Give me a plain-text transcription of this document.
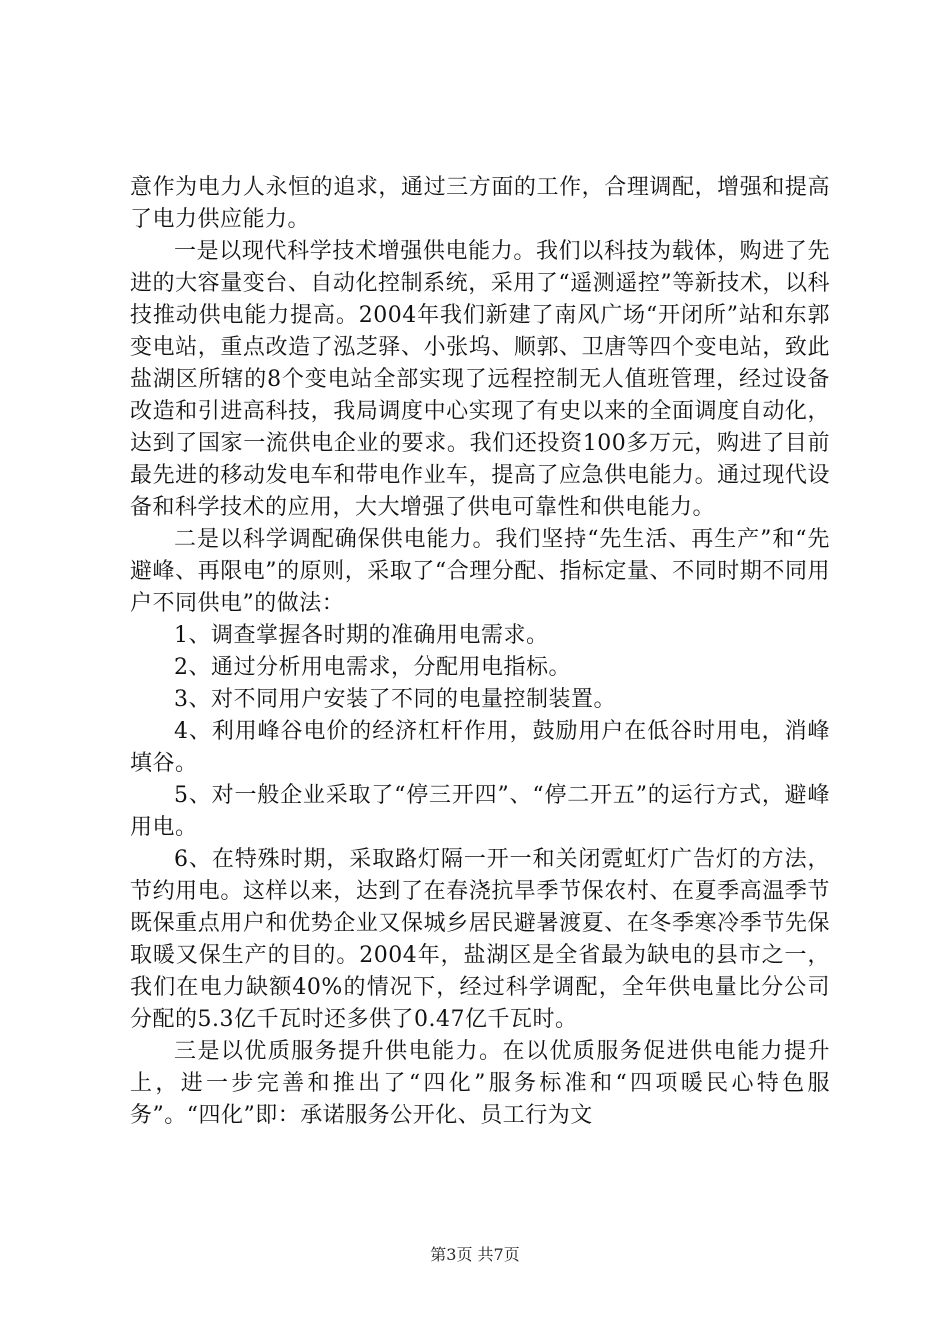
意作为电力人永恒的追求，通过三方面的工作，合理调配，增强和提高了电力供应能力。

一是以现代科学技术增强供电能力。我们以科技为载体，购进了先进的大容量变台、自动化控制系统，采用了“遥测遥控”等新技术，以科技推动供电能力提高。2004年我们新建了南风广场“开闭所”站和东郭变电站，重点改造了泓芝驿、小张坞、顺郭、卫唐等四个变电站，致此盐湖区所辖的8个变电站全部实现了远程控制无人值班管理，经过设备改造和引进高科技，我局调度中心实现了有史以来的全面调度自动化，达到了国家一流供电企业的要求。我们还投资100多万元，购进了目前最先进的移动发电车和带电作业车，提高了应急供电能力。通过现代设备和科学技术的应用，大大增强了供电可靠性和供电能力。

二是以科学调配确保供电能力。我们坚持“先生活、再生产”和“先避峰、再限电”的原则，采取了“合理分配、指标定量、不同时期不同用户不同供电”的做法：

1、调查掌握各时期的准确用电需求。

2、通过分析用电需求，分配用电指标。

3、对不同用户安装了不同的电量控制装置。

4、利用峰谷电价的经济杠杆作用，鼓励用户在低谷时用电，消峰填谷。

5、对一般企业采取了“停三开四”、“停二开五”的运行方式，避峰用电。

6、在特殊时期，采取路灯隔一开一和关闭霓虹灯广告灯的方法，节约用电。这样以来，达到了在春浇抗旱季节保农村、在夏季高温季节既保重点用户和优势企业又保城乡居民避暑渡夏、在冬季寒冷季节先保取暖又保生产的目的。2004年，盐湖区是全省最为缺电的县市之一，我们在电力缺额40%的情况下，经过科学调配，全年供电量比分公司分配的5.3亿千瓦时还多供了0.47亿千瓦时。

三是以优质服务提升供电能力。在以优质服务促进供电能力提升上，进一步完善和推出了“四化”服务标准和“四项暖民心特色服务”。“四化”即：承诺服务公开化、员工行为文

第3页 共7页
